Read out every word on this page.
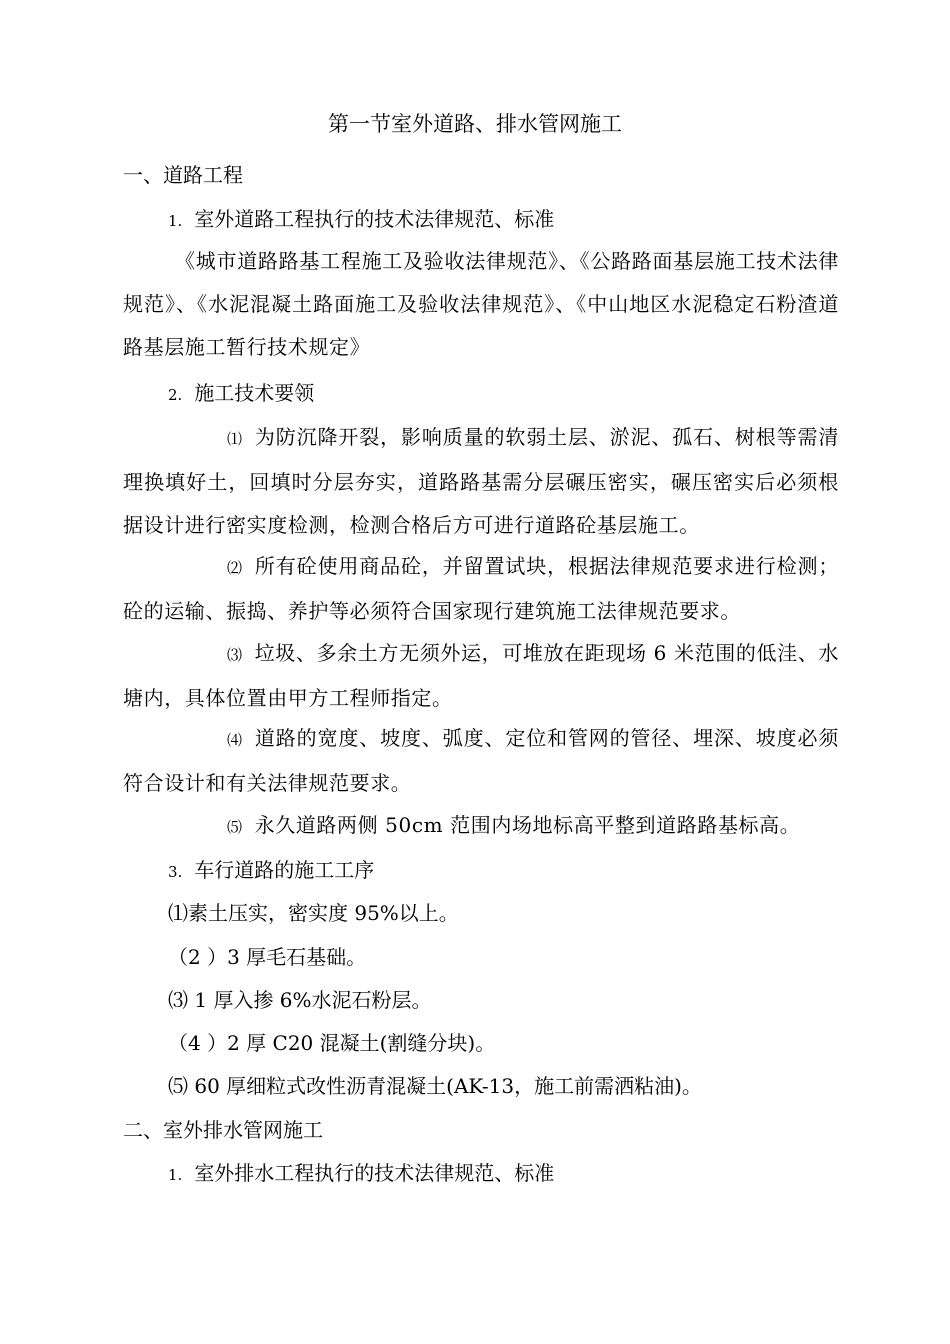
第一节室外道路、排水管网施工
一、道路工程
1. 室外道路工程执行的技术法律规范、标准
《城市道路路基工程施工及验收法律规范》、《公路路面基层施工技术法律规范》、《水泥混凝土路面施工及验收法律规范》、《中山地区水泥稳定石粉渣道路基层施工暂行技术规定》
2. 施工技术要领
⑴ 为防沉降开裂，影响质量的软弱土层、淤泥、孤石、树根等需清理换填好土，回填时分层夯实，道路路基需分层碾压密实，碾压密实后必须根据设计进行密实度检测，检测合格后方可进行道路砼基层施工。
⑵ 所有砼使用商品砼，并留置试块，根据法律规范要求进行检测；砼的运输、振捣、养护等必须符合国家现行建筑施工法律规范要求。
⑶ 垃圾、多余土方无须外运，可堆放在距现场 6 米范围的低洼、水塘内，具体位置由甲方工程师指定。
⑷ 道路的宽度、坡度、弧度、定位和管网的管径、埋深、坡度必须符合设计和有关法律规范要求。
⑸ 永久道路两侧 50cm 范围内场地标高平整到道路路基标高。
3. 车行道路的施工工序
⑴素土压实，密实度 95%以上。
（2 ）3 厚毛石基础。
⑶ 1 厚入掺 6%水泥石粉层。
（4 ）2 厚 C20 混凝土(割缝分块)。
⑸ 60 厚细粒式改性沥青混凝土(AK-13，施工前需洒粘油)。
二、室外排水管网施工
1. 室外排水工程执行的技术法律规范、标准
